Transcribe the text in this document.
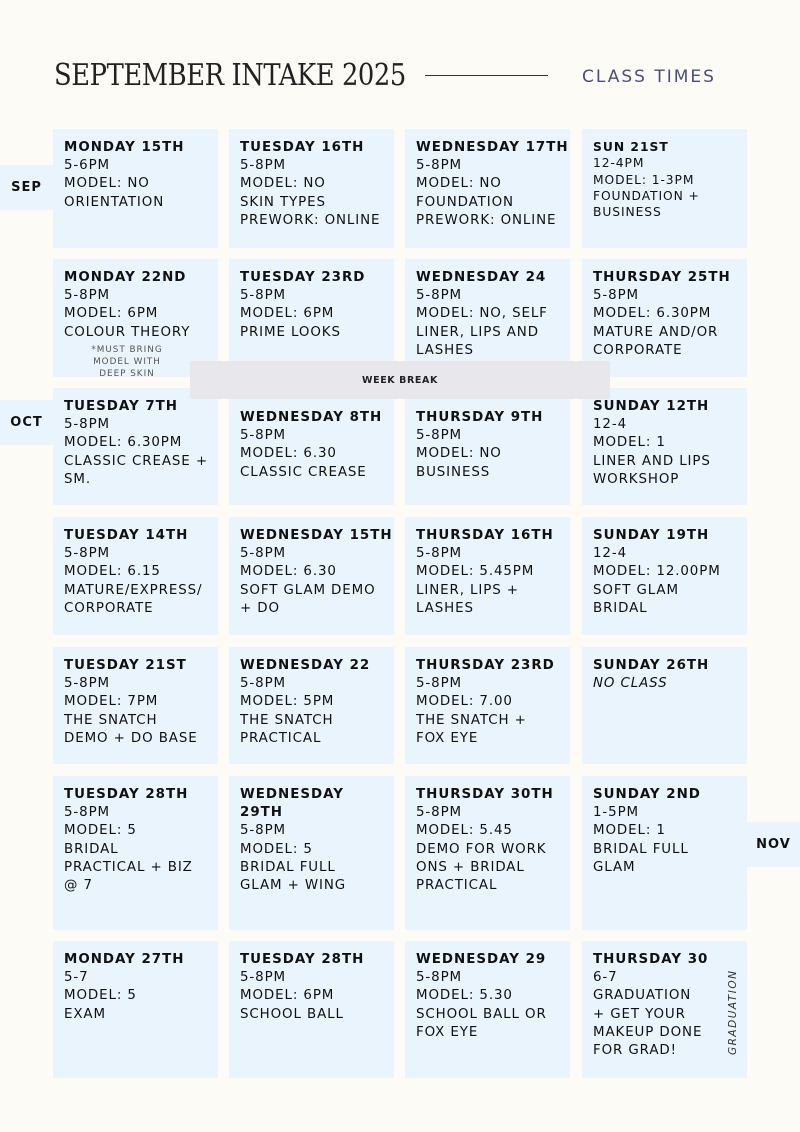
SEPTEMBER INTAKE 2025	CLASS TIMES
SEP
OCT
NOV
MONDAY 15TH
5-6PM
MODEL: NO
ORIENTATION
TUESDAY 16TH
5-8PM
MODEL: NO
SKIN TYPES
PREWORK: ONLINE
WEDNESDAY 17TH
5-8PM
MODEL: NO
FOUNDATION
PREWORK: ONLINE
SUN 21ST
12-4PM
MODEL: 1-3PM
FOUNDATION +
BUSINESS
MONDAY 22ND
5-8PM
MODEL: 6PM
COLOUR THEORY
TUESDAY 23RD
5-8PM
MODEL: 6PM
PRIME LOOKS
WEDNESDAY 24
5-8PM
MODEL: NO, SELF
LINER, LIPS AND
LASHES
THURSDAY 25TH
5-8PM
MODEL: 6.30PM
MATURE AND/OR
CORPORATE
TUESDAY 7TH
5-8PM
MODEL: 6.30PM
CLASSIC CREASE +
SM.
WEDNESDAY 8TH
5-8PM
MODEL: 6.30
CLASSIC CREASE
THURSDAY 9TH
5-8PM
MODEL: NO
BUSINESS
SUNDAY 12TH
12-4
MODEL: 1
LINER AND LIPS
WORKSHOP
TUESDAY 14TH
5-8PM
MODEL: 6.15
MATURE/EXPRESS/
CORPORATE
WEDNESDAY 15TH
5-8PM
MODEL: 6.30
SOFT GLAM DEMO
+ DO
THURSDAY 16TH
5-8PM
MODEL: 5.45PM
LINER, LIPS +
LASHES
SUNDAY 19TH
12-4
MODEL: 12.00PM
SOFT GLAM
BRIDAL
TUESDAY 21ST
5-8PM
MODEL: 7PM
THE SNATCH
DEMO + DO BASE
WEDNESDAY 22
5-8PM
MODEL: 5PM
THE SNATCH
PRACTICAL
THURSDAY 23RD
5-8PM
MODEL: 7.00
THE SNATCH +
FOX EYE
SUNDAY 26TH
NO CLASS
TUESDAY 28TH
5-8PM
MODEL: 5
BRIDAL
PRACTICAL + BIZ
@ 7
WEDNESDAY
29TH
5-8PM
MODEL: 5
BRIDAL FULL
GLAM + WING
THURSDAY 30TH
5-8PM
MODEL: 5.45
DEMO FOR WORK
ONS + BRIDAL
PRACTICAL
SUNDAY 2ND
1-5PM
MODEL: 1
BRIDAL FULL
GLAM
MONDAY 27TH
5-7
MODEL: 5
EXAM
TUESDAY 28TH
5-8PM
MODEL: 6PM
SCHOOL BALL
WEDNESDAY 29
5-8PM
MODEL: 5.30
SCHOOL BALL OR
FOX EYE
THURSDAY 30
6-7
GRADUATION
+ GET YOUR
MAKEUP DONE
FOR GRAD!
*MUST BRING
MODEL WITH
DEEP SKIN
WEEK BREAK
GRADUATION
